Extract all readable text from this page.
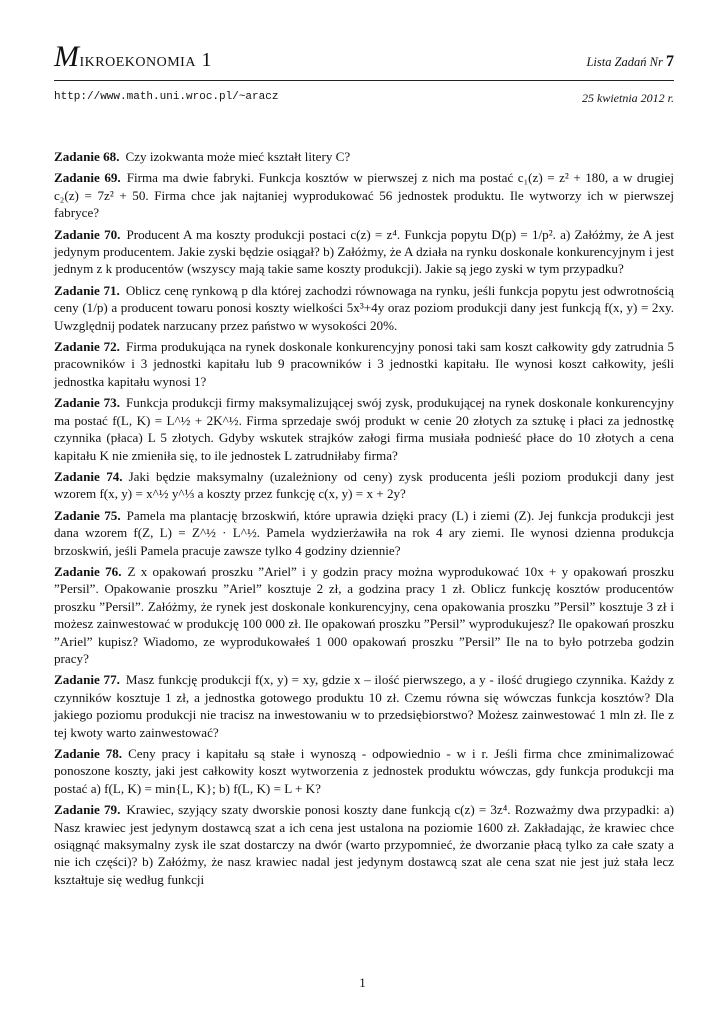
Mikroekonomia 1	Lista Zadań Nr 7
http://www.math.uni.wroc.pl/~aracz	25 kwietnia 2012 r.

Zadanie 68. Czy izokwanta może mieć kształt litery C?

Zadanie 69. Firma ma dwie fabryki. Funkcja kosztów w pierwszej z nich ma postać c₁(z) = z² + 180, a w drugiej c₂(z) = 7z² + 50. Firma chce jak najtaniej wyprodukować 56 jednostek produktu. Ile wytworzy ich w pierwszej fabryce?

Zadanie 70. Producent A ma koszty produkcji postaci c(z) = z⁴. Funkcja popytu D(p) = 1/p². a) Załóżmy, że A jest jedynym producentem. Jakie zyski będzie osiągał? b) Załóżmy, że A działa na rynku doskonale konkurencyjnym i jest jednym z k producentów (wszyscy mają takie same koszty produkcji). Jakie są jego zyski w tym przypadku?

Zadanie 71. Oblicz cenę rynkową p dla której zachodzi równowaga na rynku, jeśli funkcja popytu jest odwrotnością ceny (1/p) a producent towaru ponosi koszty wielkości 5x³+4y oraz poziom produkcji dany jest funkcją f(x, y) = 2xy. Uwzględnij podatek narzucany przez państwo w wysokości 20%.

Zadanie 72. Firma produkująca na rynek doskonale konkurencyjny ponosi taki sam koszt całkowity gdy zatrudnia 5 pracowników i 3 jednostki kapitału lub 9 pracowników i 3 jednostki kapitału. Ile wynosi koszt całkowity, jeśli jednostka kapitału wynosi 1?

Zadanie 73. Funkcja produkcji firmy maksymalizującej swój zysk, produkującej na rynek doskonale konkurencyjny ma postać f(L, K) = L^½ + 2K^½. Firma sprzedaje swój produkt w cenie 20 złotych za sztukę i płaci za jednostkę czynnika (płaca) L 5 złotych. Gdyby wskutek strajków załogi firma musiała podnieść płace do 10 złotych a cena kapitału K nie zmieniła się, to ile jednostek L zatrudniłaby firma?

Zadanie 74. Jaki będzie maksymalny (uzależniony od ceny) zysk producenta jeśli poziom produkcji dany jest wzorem f(x, y) = x^½ y^⅓ a koszty przez funkcję c(x, y) = x + 2y?

Zadanie 75. Pamela ma plantację brzoskwiń, które uprawia dzięki pracy (L) i ziemi (Z). Jej funkcja produkcji jest dana wzorem f(Z, L) = Z^½ · L^½. Pamela wydzierżawiła na rok 4 ary ziemi. Ile wynosi dzienna produkcja brzoskwiń, jeśli Pamela pracuje zawsze tylko 4 godziny dziennie?

Zadanie 76. Z x opakowań proszku ”Ariel” i y godzin pracy można wyprodukować 10x + y opakowań proszku ”Persil”. Opakowanie proszku ”Ariel” kosztuje 2 zł, a godzina pracy 1 zł. Oblicz funkcję kosztów producentów proszku ”Persil”. Załóżmy, że rynek jest doskonale konkurencyjny, cena opakowania proszku ”Persil” kosztuje 3 zł i możesz zainwestować w produkcję 100 000 zł. Ile opakowań proszku ”Persil” wyprodukujesz? Ile opakowań proszku ”Ariel” kupisz? Wiadomo, ze wyprodukowałeś 1 000 opakowań proszku ”Persil” Ile na to było potrzeba godzin pracy?

Zadanie 77. Masz funkcję produkcji f(x, y) = xy, gdzie x – ilość pierwszego, a y - ilość drugiego czynnika. Każdy z czynników kosztuje 1 zł, a jednostka gotowego produktu 10 zł. Czemu równa się wówczas funkcja kosztów? Dla jakiego poziomu produkcji nie tracisz na inwestowaniu w to przedsiębiorstwo? Możesz zainwestować 1 mln zł. Ile z tej kwoty warto zainwestować?

Zadanie 78. Ceny pracy i kapitału są stałe i wynoszą - odpowiednio - w i r. Jeśli firma chce zminimalizować ponoszone koszty, jaki jest całkowity koszt wytworzenia z jednostek produktu wówczas, gdy funkcja produkcji ma postać a) f(L, K) = min{L, K}; b) f(L, K) = L + K?

Zadanie 79. Krawiec, szyjący szaty dworskie ponosi koszty dane funkcją c(z) = 3z⁴. Rozważmy dwa przypadki: a) Nasz krawiec jest jedynym dostawcą szat a ich cena jest ustalona na poziomie 1600 zł. Zakładając, że krawiec chce osiągnąć maksymalny zysk ile szat dostarczy na dwór (warto przypomnieć, że dworzanie płacą tylko za całe szaty a nie ich części)? b) Załóżmy, że nasz krawiec nadal jest jedynym dostawcą szat ale cena szat nie jest już stała lecz kształtuje się według funkcji

1
